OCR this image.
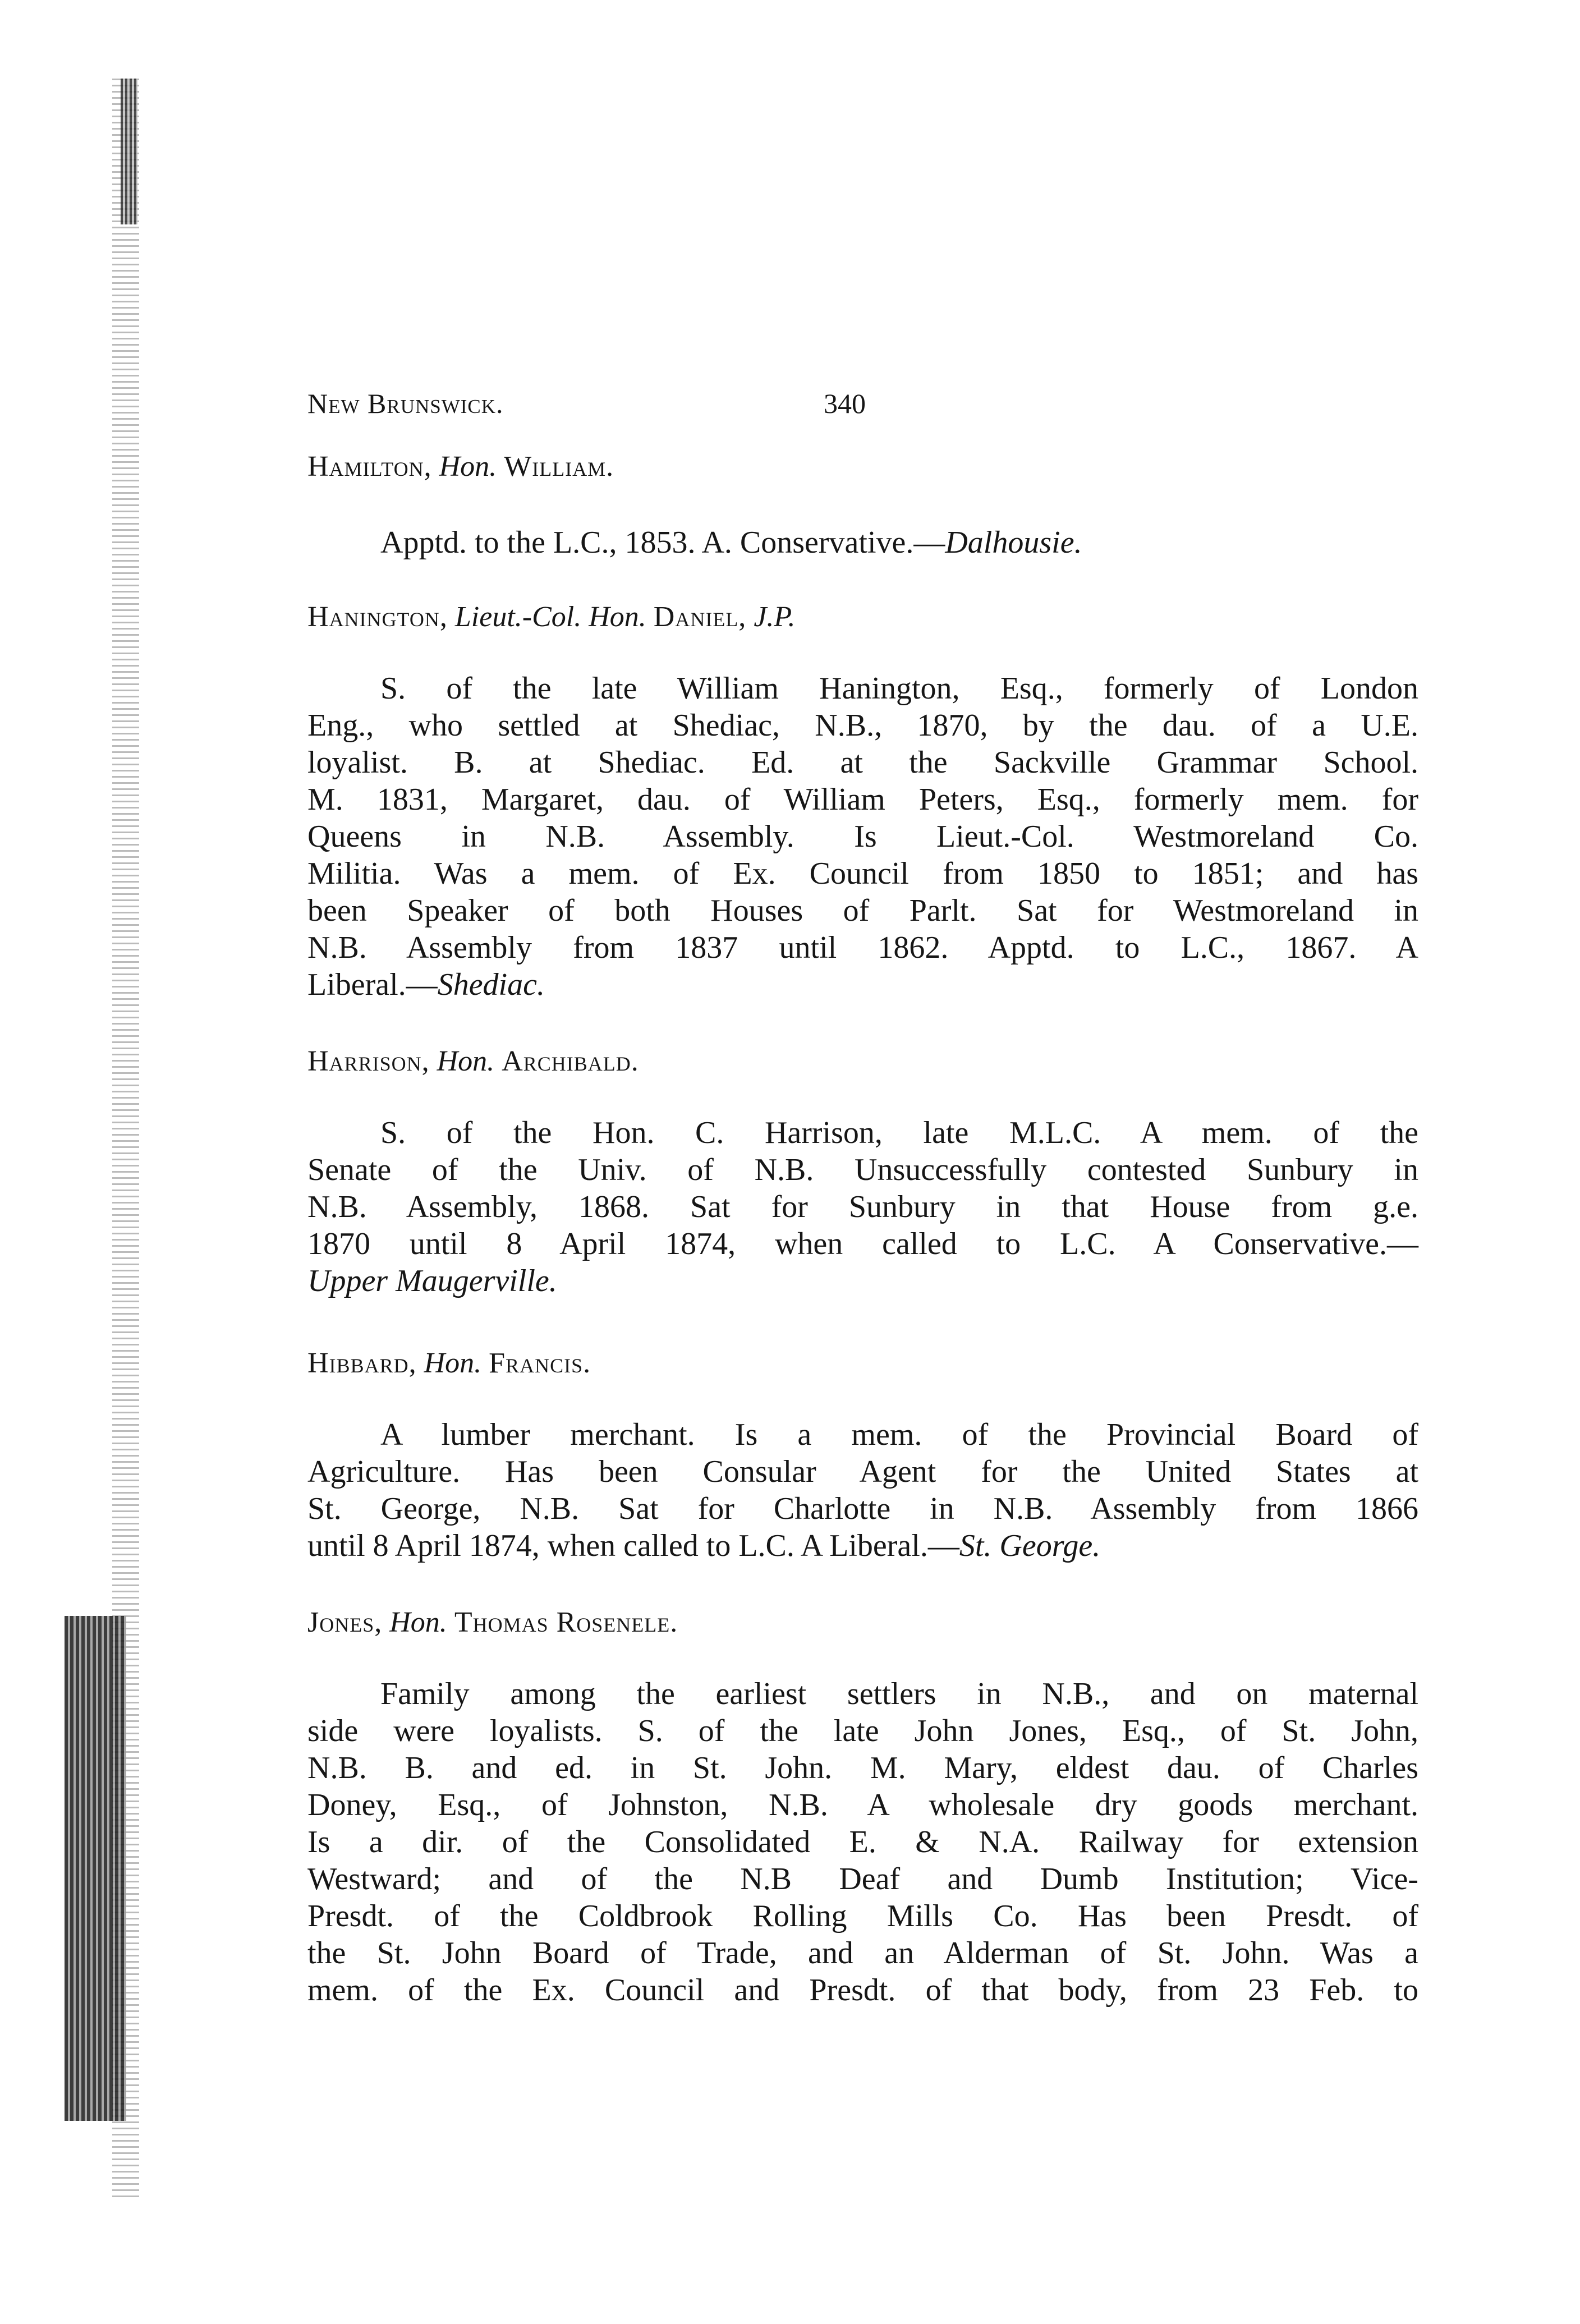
New Brunswick.	340
Hamilton, Hon. William.
Apptd. to the L.C., 1853. A. Conservative.—Dalhousie.
Hanington, Lieut.-Col. Hon. Daniel, J.P.
S. of the late William Hanington, Esq., formerly of London
Eng., who settled at Shediac, N.B., 1870, by the dau. of a U.E.
loyalist. B. at Shediac. Ed. at the Sackville Grammar School.
M. 1831, Margaret, dau. of William Peters, Esq., formerly mem. for
Queens in N.B. Assembly. Is Lieut.-Col. Westmoreland Co.
Militia. Was a mem. of Ex. Council from 1850 to 1851; and has
been Speaker of both Houses of Parlt. Sat for Westmoreland in
N.B. Assembly from 1837 until 1862. Apptd. to L.C., 1867. A
Liberal.—Shediac.
Harrison, Hon. Archibald.
S. of the Hon. C. Harrison, late M.L.C. A mem. of the
Senate of the Univ. of N.B. Unsuccessfully contested Sunbury in
N.B. Assembly, 1868. Sat for Sunbury in that House from g.e.
1870 until 8 April 1874, when called to L.C. A Conservative.—
Upper Maugerville.
Hibbard, Hon. Francis.
A lumber merchant. Is a mem. of the Provincial Board of
Agriculture. Has been Consular Agent for the United States at
St. George, N.B. Sat for Charlotte in N.B. Assembly from 1866
until 8 April 1874, when called to L.C. A Liberal.—St. George.
Jones, Hon. Thomas Rosenele.
Family among the earliest settlers in N.B., and on maternal
side were loyalists. S. of the late John Jones, Esq., of St. John,
N.B. B. and ed. in St. John. M. Mary, eldest dau. of Charles
Doney, Esq., of Johnston, N.B. A wholesale dry goods merchant.
Is a dir. of the Consolidated E. & N.A. Railway for extension
Westward; and of the N.B Deaf and Dumb Institution; Vice-
Presdt. of the Coldbrook Rolling Mills Co. Has been Presdt. of
the St. John Board of Trade, and an Alderman of St. John. Was a
mem. of the Ex. Council and Presdt. of that body, from 23 Feb. to
